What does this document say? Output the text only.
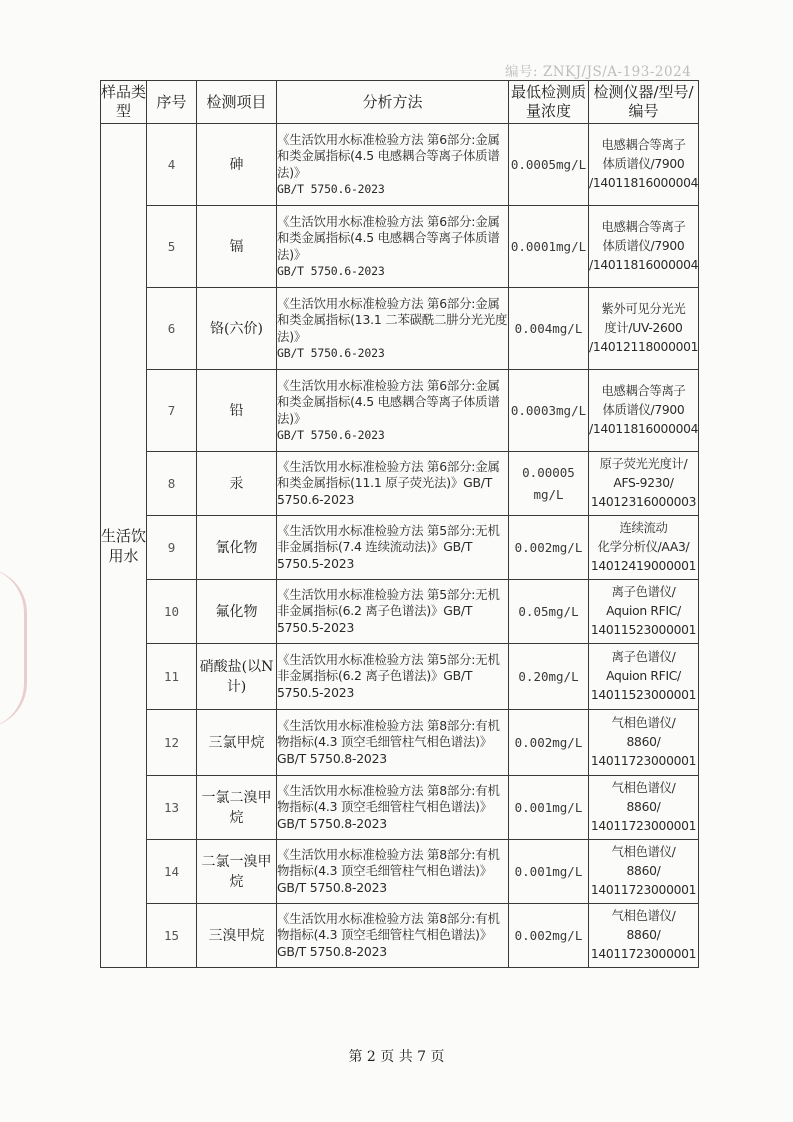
编号: ZNKJ/JS/A-193-2024
样品类型	序号	检测项目	分析方法	最低检测质量浓度	检测仪器/型号/编号
生活饮用水	4	砷	《生活饮用水标准检验方法 第6部分:金属和类金属指标(4.5 电感耦合等离子体质谱法)》
GB/T 5750.6-2023	0.0005mg/L	电感耦合等离子
体质谱仪/7900
/14011816000004

	5	镉	《生活饮用水标准检验方法 第6部分:金属和类金属指标(4.5 电感耦合等离子体质谱法)》
GB/T 5750.6-2023	0.0001mg/L	电感耦合等离子
体质谱仪/7900
/14011816000004

	6	铬(六价)	《生活饮用水标准检验方法 第6部分:金属和类金属指标(13.1 二苯碳酰二肼分光光度法)》
GB/T 5750.6-2023	0.004mg/L	紫外可见分光光
度计/UV-2600
/14012118000001

	7	铅	《生活饮用水标准检验方法 第6部分:金属和类金属指标(4.5 电感耦合等离子体质谱法)》
GB/T 5750.6-2023	0.0003mg/L	电感耦合等离子
体质谱仪/7900
/14011816000004

	8	汞	《生活饮用水标准检验方法 第6部分:金属和类金属指标(11.1 原子荧光法)》GB/T 5750.6-2023	0.00005 mg/L	原子荧光光度计/
AFS-9230/
14012316000003

	9	氰化物	《生活饮用水标准检验方法 第5部分:无机非金属指标(7.4 连续流动法)》GB/T 5750.5-2023	0.002mg/L	连续流动
化学分析仪/AA3/
14012419000001

	10	氟化物	《生活饮用水标准检验方法 第5部分:无机非金属指标(6.2 离子色谱法)》GB/T 5750.5-2023	0.05mg/L	离子色谱仪/
Aquion RFIC/
14011523000001

	11	硝酸盐(以N计)	《生活饮用水标准检验方法 第5部分:无机非金属指标(6.2 离子色谱法)》GB/T 5750.5-2023	0.20mg/L	离子色谱仪/
Aquion RFIC/
14011523000001

	12	三氯甲烷	《生活饮用水标准检验方法 第8部分:有机物指标(4.3 顶空毛细管柱气相色谱法)》GB/T 5750.8-2023	0.002mg/L	气相色谱仪/
8860/
14011723000001

	13	一氯二溴甲烷	《生活饮用水标准检验方法 第8部分:有机物指标(4.3 顶空毛细管柱气相色谱法)》GB/T 5750.8-2023	0.001mg/L	气相色谱仪/
8860/
14011723000001

	14	二氯一溴甲烷	《生活饮用水标准检验方法 第8部分:有机物指标(4.3 顶空毛细管柱气相色谱法)》GB/T 5750.8-2023	0.001mg/L	气相色谱仪/
8860/
14011723000001

	15	三溴甲烷	《生活饮用水标准检验方法 第8部分:有机物指标(4.3 顶空毛细管柱气相色谱法)》GB/T 5750.8-2023	0.002mg/L	气相色谱仪/
8860/
14011723000001
第 2 页 共 7 页
